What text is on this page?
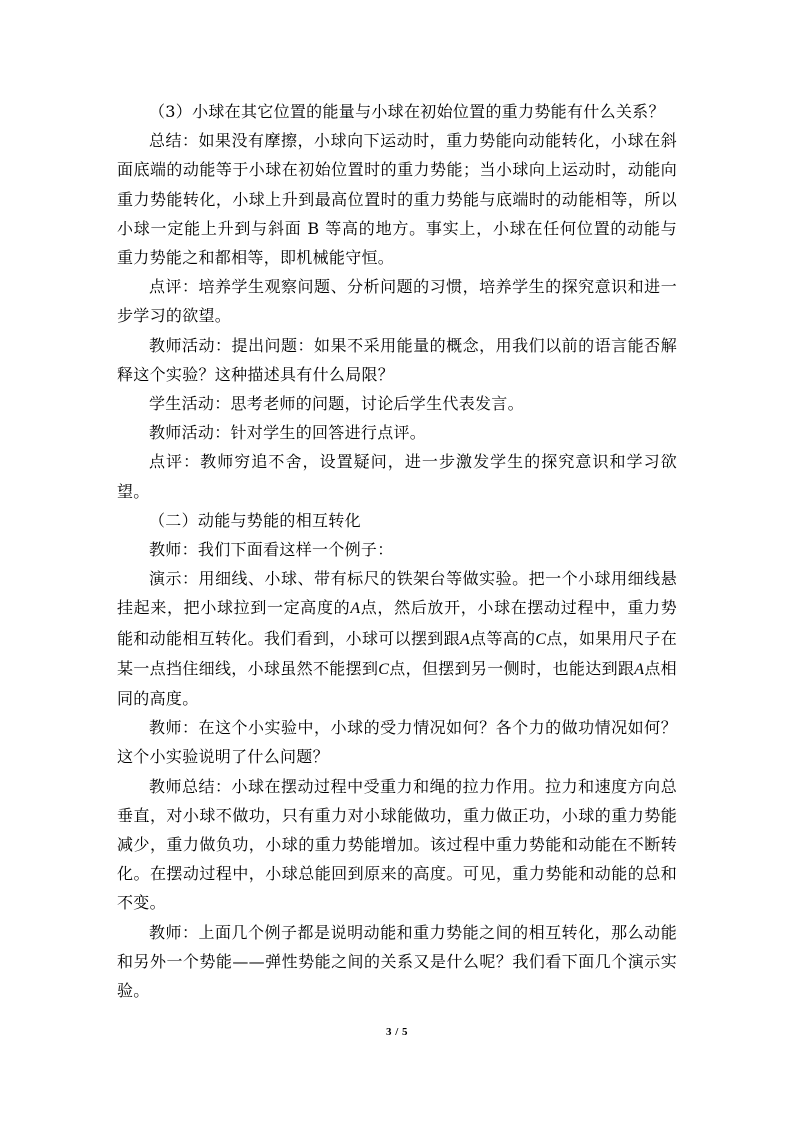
（3）小球在其它位置的能量与小球在初始位置的重力势能有什么关系？

总结：如果没有摩擦，小球向下运动时，重力势能向动能转化，小球在斜面底端的动能等于小球在初始位置时的重力势能；当小球向上运动时，动能向重力势能转化，小球上升到最高位置时的重力势能与底端时的动能相等，所以小球一定能上升到与斜面 B 等高的地方。事实上，小球在任何位置的动能与重力势能之和都相等，即机械能守恒。

点评：培养学生观察问题、分析问题的习惯，培养学生的探究意识和进一步学习的欲望。

教师活动：提出问题：如果不采用能量的概念，用我们以前的语言能否解释这个实验？这种描述具有什么局限？

学生活动：思考老师的问题，讨论后学生代表发言。

教师活动：针对学生的回答进行点评。

点评：教师穷追不舍，设置疑问，进一步激发学生的探究意识和学习欲望。

（二）动能与势能的相互转化

教师：我们下面看这样一个例子：

演示：用细线、小球、带有标尺的铁架台等做实验。把一个小球用细线悬挂起来，把小球拉到一定高度的A点，然后放开，小球在摆动过程中，重力势能和动能相互转化。我们看到，小球可以摆到跟A点等高的C点，如果用尺子在某一点挡住细线，小球虽然不能摆到C点，但摆到另一侧时，也能达到跟A点相同的高度。

教师：在这个小实验中，小球的受力情况如何？各个力的做功情况如何？这个小实验说明了什么问题？

教师总结：小球在摆动过程中受重力和绳的拉力作用。拉力和速度方向总垂直，对小球不做功，只有重力对小球能做功，重力做正功，小球的重力势能减少，重力做负功，小球的重力势能增加。该过程中重力势能和动能在不断转化。在摆动过程中，小球总能回到原来的高度。可见，重力势能和动能的总和不变。

教师：上面几个例子都是说明动能和重力势能之间的相互转化，那么动能和另外一个势能——弹性势能之间的关系又是什么呢？我们看下面几个演示实验。

3 / 5
